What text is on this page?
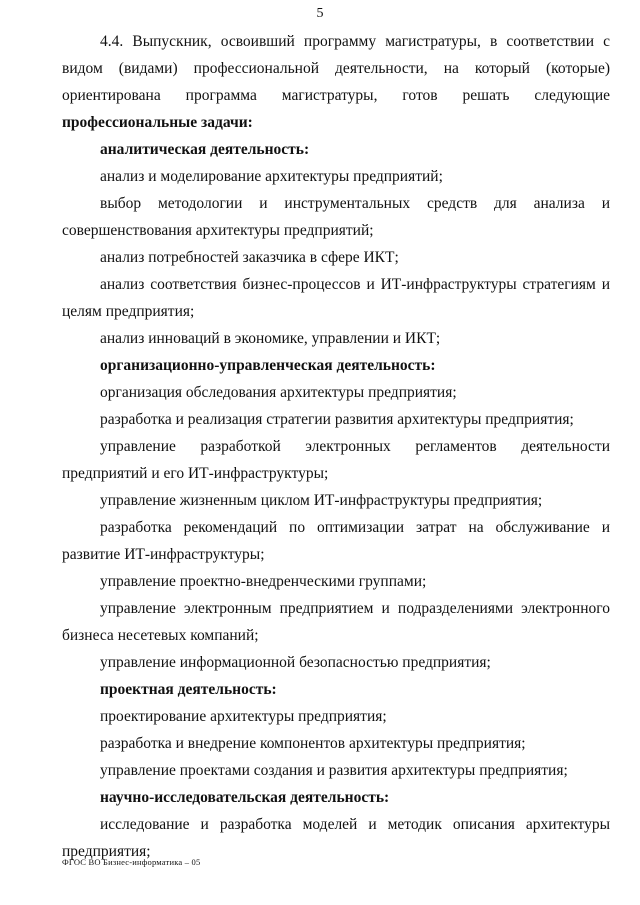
5

4.4. Выпускник, освоивший программу магистратуры, в соответствии с видом (видами) профессиональной деятельности, на который (которые) ориентирована программа магистратуры, готов решать следующие профессиональные задачи:

аналитическая деятельность:

анализ и моделирование архитектуры предприятий;

выбор методологии и инструментальных средств для анализа и совершенствования архитектуры предприятий;

анализ потребностей заказчика в сфере ИКТ;

анализ соответствия бизнес-процессов и ИТ-инфраструктуры стратегиям и целям предприятия;

анализ инноваций в экономике, управлении и ИКТ;

организационно-управленческая деятельность:

организация обследования архитектуры предприятия;

разработка и реализация стратегии развития архитектуры предприятия;

управление разработкой электронных регламентов деятельности предприятий и его ИТ-инфраструктуры;

управление жизненным циклом ИТ-инфраструктуры предприятия;

разработка рекомендаций по оптимизации затрат на обслуживание и развитие ИТ-инфраструктуры;

управление проектно-внедренческими группами;

управление электронным предприятием и подразделениями электронного бизнеса несетевых компаний;

управление информационной безопасностью предприятия;

проектная деятельность:

проектирование архитектуры предприятия;

разработка и внедрение компонентов архитектуры предприятия;

управление проектами создания и развития архитектуры предприятия;

научно-исследовательская деятельность:

исследование и разработка моделей и методик описания архитектуры предприятия;

ФГОС ВО Бизнес-информатика – 05
